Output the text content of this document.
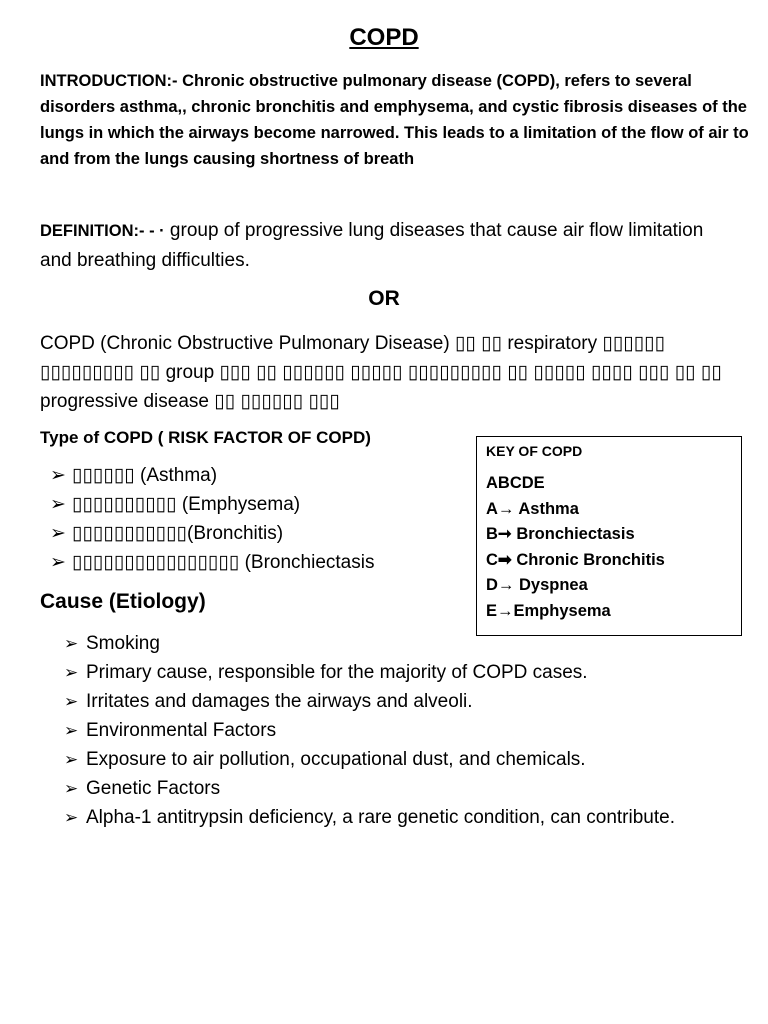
COPD
INTRODUCTION:- Chronic obstructive pulmonary disease (COPD), refers to several disorders asthma,, chronic bronchitis and emphysema, and cystic fibrosis diseases of the lungs in which the airways become narrowed. This leads to a limitation of the flow of air to and from the lungs causing shortness of breath
DEFINITION:- - · group of progressive lung diseases that cause air flow limitation and breathing difficulties.
OR
COPD (Chronic Obstructive Pulmonary Disease) ▯▯ ▯▯ respiratory ▯▯▯▯▯▯ ▯▯▯▯▯▯▯▯▯ ▯▯ group ▯▯▯ ▯▯ ▯▯▯▯▯▯ ▯▯▯▯▯ ▯▯▯▯▯▯▯▯▯ ▯▯ ▯▯▯▯▯ ▯▯▯▯ ▯▯▯ ▯▯ ▯▯ progressive disease ▯▯ ▯▯▯▯▯▯ ▯▯▯
Type of COPD ( RISK FACTOR OF COPD)
➢ ▯▯▯▯▯▯ (Asthma)
➢ ▯▯▯▯▯▯▯▯▯▯ (Emphysema)
➢ ▯▯▯▯▯▯▯▯▯▯▯(Bronchitis)
➢ ▯▯▯▯▯▯▯▯▯▯▯▯▯▯▯▯ (Bronchiectasis
KEY OF COPD
ABCDE
A→ Asthma
B➞ Bronchiectasis
C➡ Chronic Bronchitis
D→ Dyspnea
E→Emphysema
Cause (Etiology)
➢ Smoking
➢ Primary cause, responsible for the majority of COPD cases.
➢ Irritates and damages the airways and alveoli.
➢ Environmental Factors
➢ Exposure to air pollution, occupational dust, and chemicals.
➢ Genetic Factors
➢ Alpha-1 antitrypsin deficiency, a rare genetic condition, can contribute.
